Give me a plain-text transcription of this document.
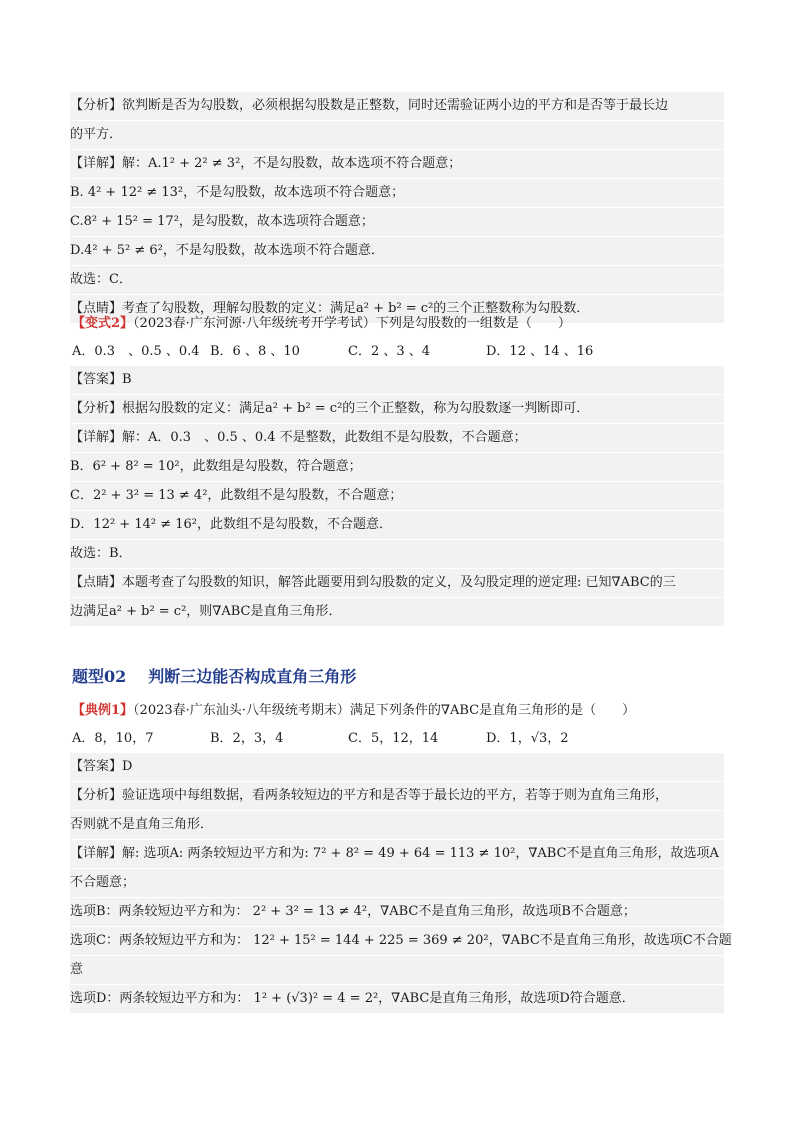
【分析】欲判断是否为勾股数，必须根据勾股数是正整数，同时还需验证两小边的平方和是否等于最长边
的平方．
【详解】解：A.1² + 2² ≠ 3²，不是勾股数，故本选项不符合题意；
B. 4² + 12² ≠ 13²，不是勾股数，故本选项不符合题意；
C.8² + 15² = 17²，是勾股数，故本选项符合题意；
D.4² + 5² ≠ 6²，不是勾股数，故本选项不符合题意．
故选：C．
【点睛】考查了勾股数，理解勾股数的定义：满足a² + b² = c²的三个正整数称为勾股数．
【变式2】（2023春·广东河源·八年级统考开学考试）下列是勾股数的一组数是（　　）
A．0.3　、0.5 、0.4 B．6 、8 、10	C．2 、3 、4	D．12 、14 、16
【答案】B
【分析】根据勾股数的定义：满足a² + b² = c²的三个正整数，称为勾股数逐一判断即可．
【详解】解：A．0.3　、0.5 、0.4 不是整数，此数组不是勾股数，不合题意；
B．6² + 8² = 10²，此数组是勾股数，符合题意；
C．2² + 3² = 13 ≠ 4²，此数组不是勾股数，不合题意；
D．12² + 14² ≠ 16²，此数组不是勾股数，不合题意．
故选：B．
【点睛】本题考查了勾股数的知识，解答此题要用到勾股数的定义，及勾股定理的逆定理: 已知∇ABC的三
边满足a² + b² = c²，则∇ABC是直角三角形．
题型02 判断三边能否构成直角三角形
【典例1】（2023春·广东汕头·八年级统考期末）满足下列条件的∇ABC是直角三角形的是（　　）
A．8，10，7	B．2，3，4	C．5，12，14	D．1，√3，2
【答案】D
【分析】验证选项中每组数据，看两条较短边的平方和是否等于最长边的平方，若等于则为直角三角形，
否则就不是直角三角形．
【详解】解: 选项A: 两条较短边平方和为: 7² + 8² = 49 + 64 = 113 ≠ 10²，∇ABC不是直角三角形，故选项A
不合题意；
选项B：两条较短边平方和为： 2² + 3² = 13 ≠ 4²，∇ABC不是直角三角形，故选项B不合题意；
选项C：两条较短边平方和为： 12² + 15² = 144 + 225 = 369 ≠ 20²，∇ABC不是直角三角形，故选项C不合题
意
选项D：两条较短边平方和为： 1² + (√3)² = 4 = 2²，∇ABC是直角三角形，故选项D符合题意．
